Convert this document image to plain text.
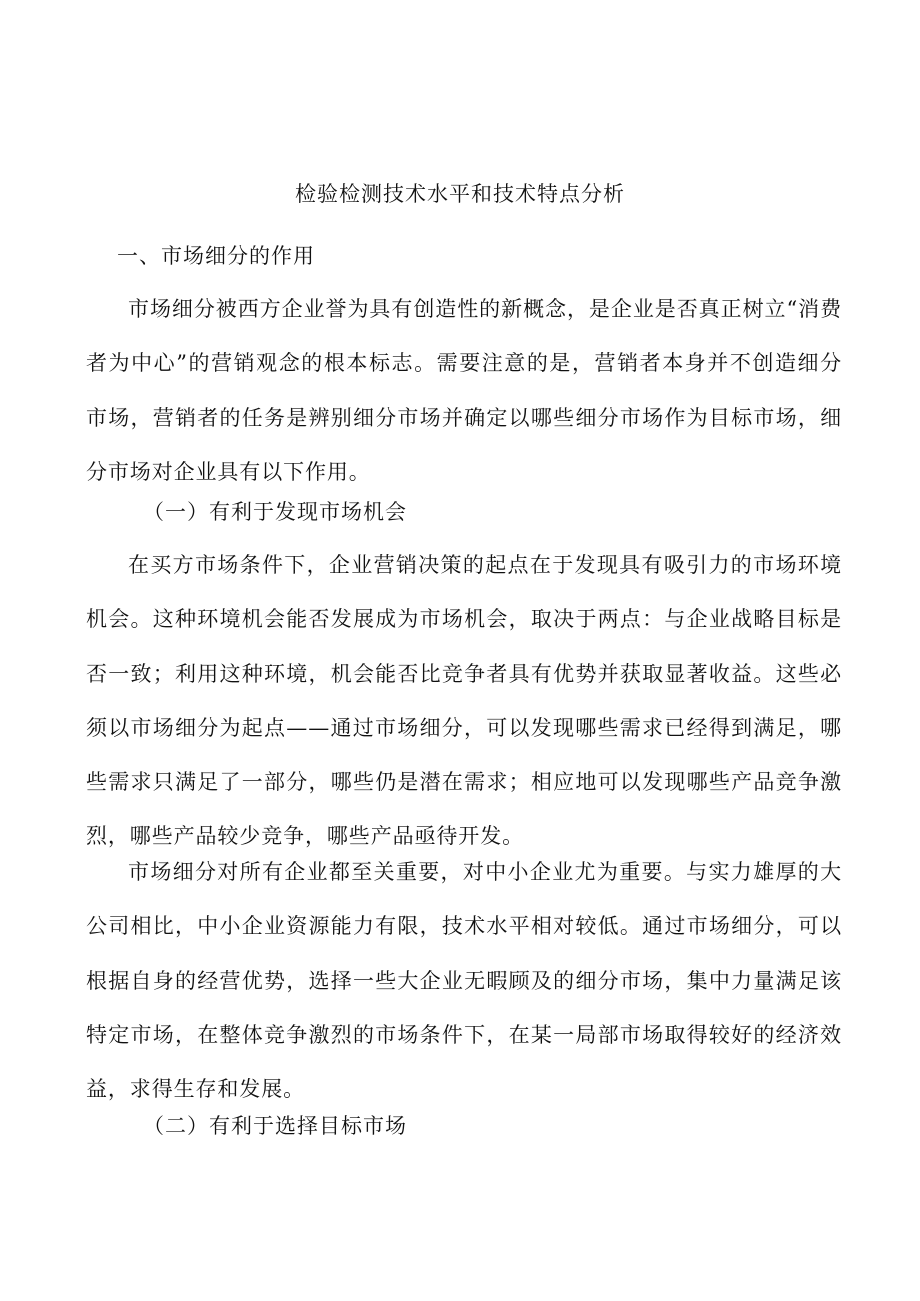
检验检测技术水平和技术特点分析
一、市场细分的作用

市场细分被西方企业誉为具有创造性的新概念，是企业是否真正树立“消费者为中心”的营销观念的根本标志。需要注意的是，营销者本身并不创造细分市场，营销者的任务是辨别细分市场并确定以哪些细分市场作为目标市场，细分市场对企业具有以下作用。

（一）有利于发现市场机会

在买方市场条件下，企业营销决策的起点在于发现具有吸引力的市场环境机会。这种环境机会能否发展成为市场机会，取决于两点：与企业战略目标是否一致；利用这种环境，机会能否比竞争者具有优势并获取显著收益。这些必须以市场细分为起点——通过市场细分，可以发现哪些需求已经得到满足，哪些需求只满足了一部分，哪些仍是潜在需求；相应地可以发现哪些产品竞争激烈，哪些产品较少竞争，哪些产品亟待开发。

市场细分对所有企业都至关重要，对中小企业尤为重要。与实力雄厚的大公司相比，中小企业资源能力有限，技术水平相对较低。通过市场细分，可以根据自身的经营优势，选择一些大企业无暇顾及的细分市场，集中力量满足该特定市场，在整体竞争激烈的市场条件下，在某一局部市场取得较好的经济效益，求得生存和发展。

（二）有利于选择目标市场
